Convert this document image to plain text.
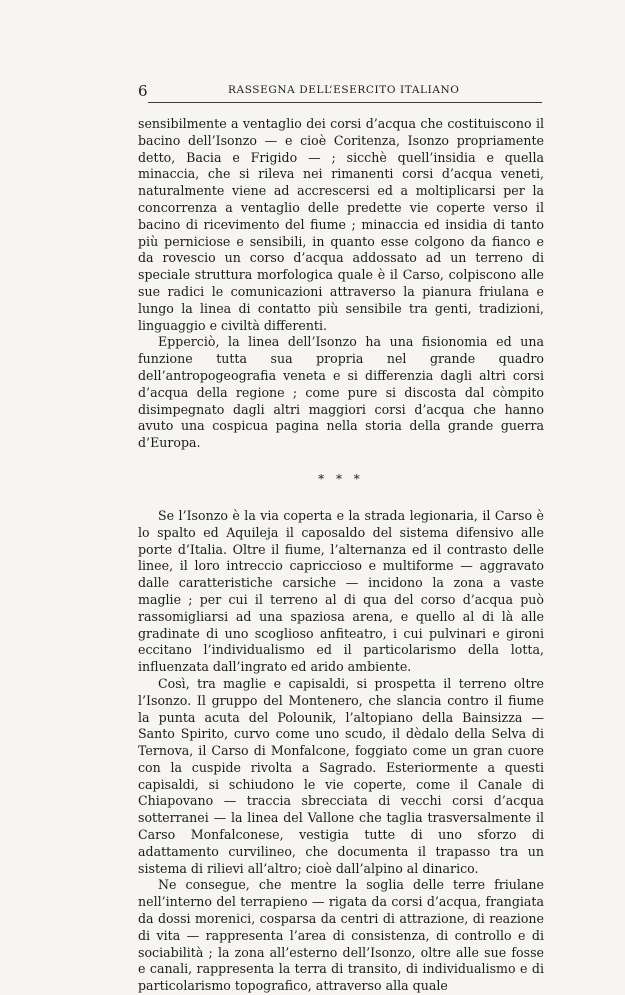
6	RASSEGNA DELL’ESERCITO ITALIANO

sensibilmente a ventaglio dei corsi d’acqua che costituiscono il bacino dell’Isonzo — e cioè Coritenza, Isonzo propriamente detto, Bacia e Frigido — ; sicchè quell’insidia e quella minaccia, che si rileva nei rimanenti corsi d’acqua veneti, naturalmente viene ad accrescersi ed a moltiplicarsi per la concorrenza a ventaglio delle predette vie coperte verso il bacino di ricevimento del fiume ; minaccia ed insidia di tanto più perniciose e sensibili, in quanto esse colgono da fianco e da rovescio un corso d’acqua addossato ad un terreno di speciale struttura morfologica quale è il Carso, colpiscono alle sue radici le comunicazioni attraverso la pianura friulana e lungo la linea di contatto più sensibile tra genti, tradizioni, linguaggio e civiltà differenti.

Epperciò, la linea dell’Isonzo ha una fisionomia ed una funzione tutta sua propria nel grande quadro dell’antropogeografia veneta e si differenzia dagli altri corsi d’acqua della regione ; come pure si discosta dal còmpito disimpegnato dagli altri maggiori corsi d’acqua che hanno avuto una cospicua pagina nella storia della grande guerra d’Europa.

* * *

Se l’Isonzo è la via coperta e la strada legionaria, il Carso è lo spalto ed Aquileja il caposaldo del sistema difensivo alle porte d’Italia. Oltre il fiume, l’alternanza ed il contrasto delle linee, il loro intreccio capriccioso e multiforme — aggravato dalle caratteristiche carsiche — incidono la zona a vaste maglie ; per cui il terreno al di qua del corso d’acqua può rassomigliarsi ad una spaziosa arena, e quello al di là alle gradinate di uno scoglioso anfiteatro, i cui pulvinari e gironi eccitano l’individualismo ed il particolarismo della lotta, influenzata dall’ingrato ed arido ambiente.

Così, tra maglie e capisaldi, si prospetta il terreno oltre l’Isonzo. Il gruppo del Montenero, che slancia contro il fiume la punta acuta del Polounik, l’altopiano della Bainsizza — Santo Spirito, curvo come uno scudo, il dèdalo della Selva di Ternova, il Carso di Monfalcone, foggiato come un gran cuore con la cuspide rivolta a Sagrado. Esteriormente a questi capisaldi, si schiudono le vie coperte, come il Canale di Chiapovano — traccia sbrecciata di vecchi corsi d’acqua sotterranei — la linea del Vallone che taglia trasversalmente il Carso Monfalconese, vestigia tutte di uno sforzo di adattamento curvilineo, che documenta il trapasso tra un sistema di rilievi all’altro; cioè dall’alpino al dinarico.

Ne consegue, che mentre la soglia delle terre friulane nell’interno del terrapieno — rigata da corsi d’acqua, frangiata da dossi morenici, cosparsa da centri di attrazione, di reazione di vita — rappresenta l’area di consistenza, di controllo e di sociabilità ; la zona all’esterno dell’Isonzo, oltre alle sue fosse e canali, rappresenta la terra di transito, di individualismo e di particolarismo topografico, attraverso alla quale
